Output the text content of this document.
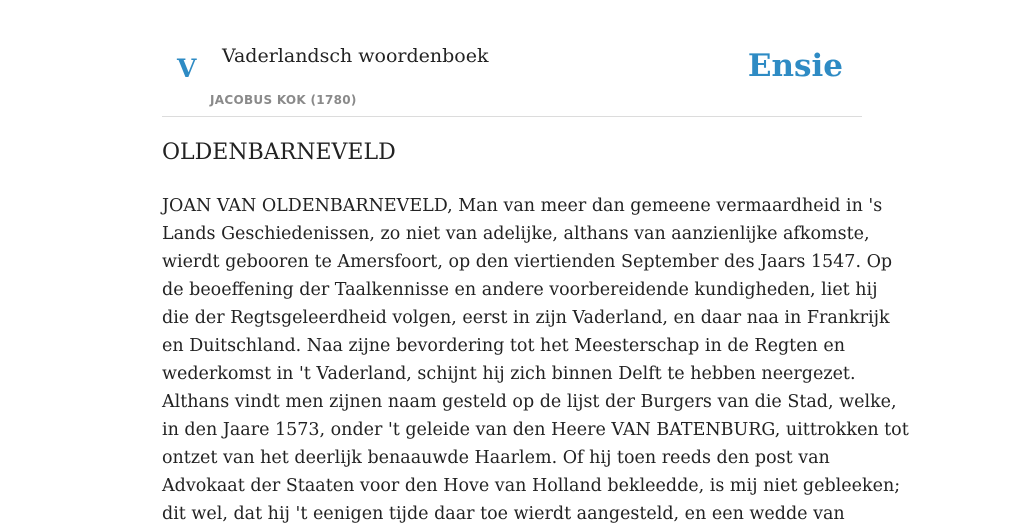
V Vaderlandsch woordenboek
JACOBUS KOK (1780)
Ensie
OLDENBARNEVELD
JOAN VAN OLDENBARNEVELD, Man van meer dan gemeene vermaardheid in 's
Lands Geschiedenissen, zo niet van adelijke, althans van aanzienlijke afkomste,
wierdt gebooren te Amersfoort, op den viertienden September des Jaars 1547. Op
de beoeffening der Taalkennisse en andere voorbereidende kundigheden, liet hij
die der Regtsgeleerdheid volgen, eerst in zijn Vaderland, en daar naa in Frankrijk
en Duitschland. Naa zijne bevordering tot het Meesterschap in de Regten en
wederkomst in 't Vaderland, schijnt hij zich binnen Delft te hebben neergezet.
Althans vindt men zijnen naam gesteld op de lijst der Burgers van die Stad, welke,
in den Jaare 1573, onder 't geleide van den Heere VAN BATENBURG, uittrokken tot
ontzet van het deerlijk benaauwde Haarlem. Of hij toen reeds den post van
Advokaat der Staaten voor den Hove van Holland bekleedde, is mij niet gebleeken;
dit wel, dat hij 't eenigen tijde daar toe wierdt aangesteld, en een wedde van
